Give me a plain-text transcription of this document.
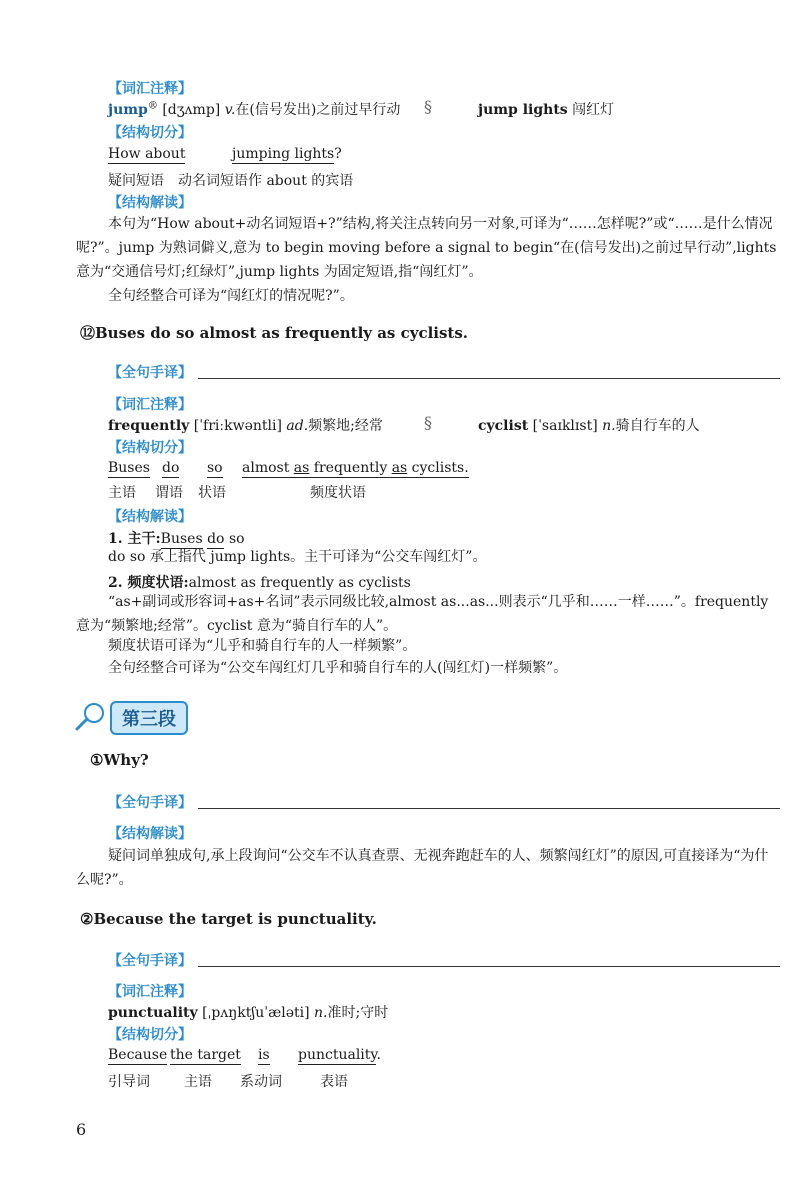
【词汇注释】
jump® [dʒʌmp] v.在(信号发出)之前过早行动 §	jump lights 闯红灯
【结构切分】
How about	jumping lights?
疑问短语 动名词短语作 about 的宾语
【结构解读】
本句为“How about+动名词短语+?”结构,将关注点转向另一对象,可译为“……怎样呢?”或“……是什么情况呢?”。jump 为熟词僻义,意为 to begin moving before a signal to begin“在(信号发出)之前过早行动”,lights 意为“交通信号灯;红绿灯”,jump lights 为固定短语,指“闯红灯”。
全句经整合可译为“闯红灯的情况呢?”。
⑫Buses do so almost as frequently as cyclists.
【全句手译】
【词汇注释】
frequently [ˈfriːkwəntli] ad.频繁地;经常	§	cyclist [ˈsaɪklɪst] n.骑自行车的人
【结构切分】
Buses do so almost as frequently as cyclists.
主语 谓语 状语	频度状语
【结构解读】
1. 主干:Buses do so
do so 承上指代 jump lights。主干可译为“公交车闯红灯”。
2. 频度状语:almost as frequently as cyclists
“as+副词或形容词+as+名词”表示同级比较,almost as...as...则表示“几乎和……一样……”。frequently 意为“频繁地;经常”。cyclist 意为“骑自行车的人”。
频度状语可译为“儿乎和骑自行车的人一样频繁”。
全句经整合可译为“公交车闯红灯几乎和骑自行车的人(闯红灯)一样频繁”。
第三段
①Why?
【全句手译】
【结构解读】
疑问词单独成句,承上段询问“公交车不认真查票、无视奔跑赶车的人、频繁闯红灯”的原因,可直接译为“为什么呢?”。
②Because the target is punctuality.
【全句手译】
【词汇注释】
punctuality [ˌpʌŋktʃuˈæləti] n.准时;守时
【结构切分】
Because the target is punctuality.
引导词 主语 系动词	表语
6
